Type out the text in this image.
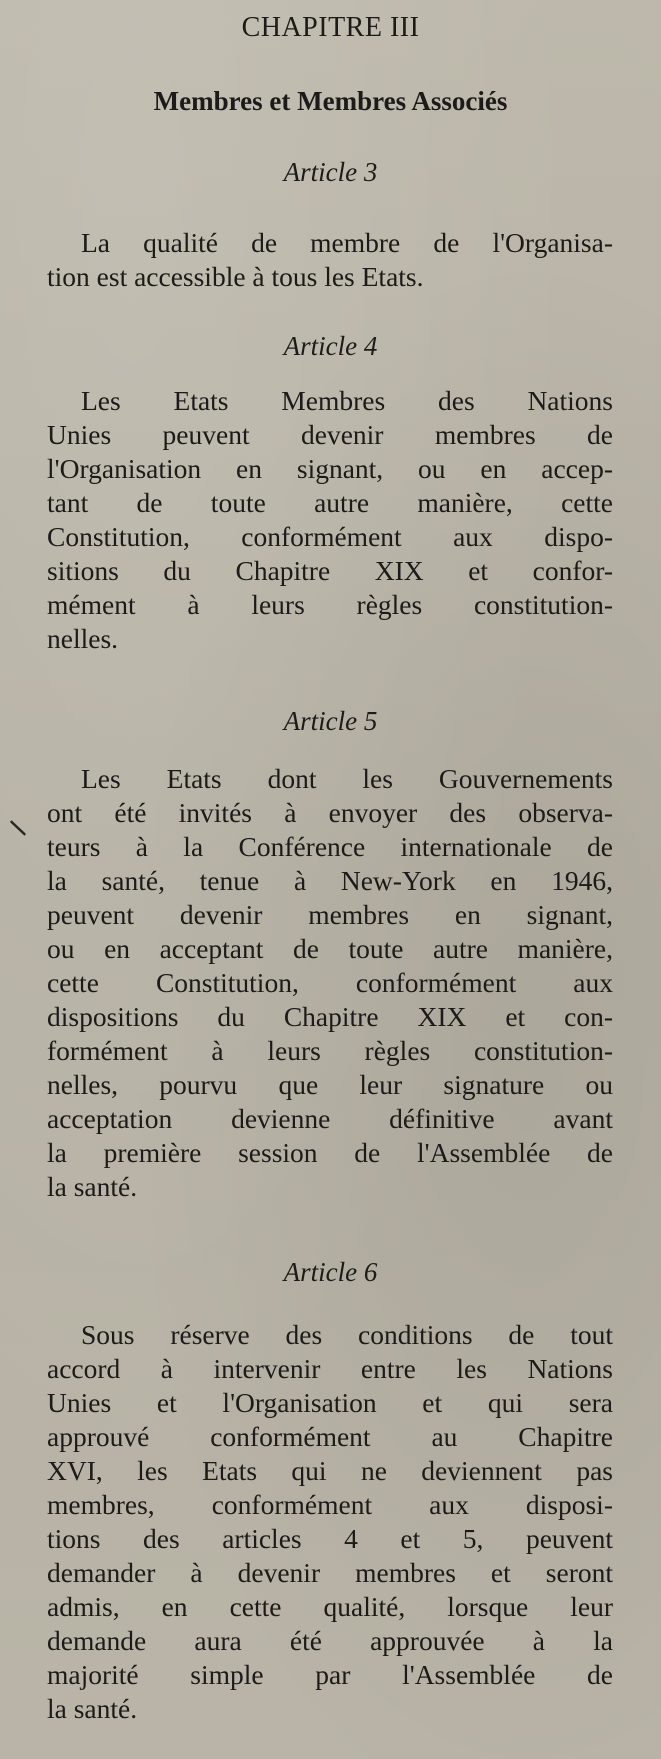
CHAPITRE III
Membres et Membres Associés
Article 3
La qualité de membre de l'Organisa-
tion est accessible à tous les Etats.
Article 4
Les Etats Membres des Nations
Unies peuvent devenir membres de
l'Organisation en signant, ou en accep-
tant de toute autre manière, cette
Constitution, conformément aux dispo-
sitions du Chapitre XIX et confor-
mément à leurs règles constitution-
nelles.
Article 5
Les Etats dont les Gouvernements
ont été invités à envoyer des observa-
teurs à la Conférence internationale de
la santé, tenue à New-York en 1946,
peuvent devenir membres en signant,
ou en acceptant de toute autre manière,
cette Constitution, conformément aux
dispositions du Chapitre XIX et con-
formément à leurs règles constitution-
nelles, pourvu que leur signature ou
acceptation devienne définitive avant
la première session de l'Assemblée de
la santé.
Article 6
Sous réserve des conditions de tout
accord à intervenir entre les Nations
Unies et l'Organisation et qui sera
approuvé conformément au Chapitre
XVI, les Etats qui ne deviennent pas
membres, conformément aux disposi-
tions des articles 4 et 5, peuvent
demander à devenir membres et seront
admis, en cette qualité, lorsque leur
demande aura été approuvée à la
majorité simple par l'Assemblée de
la santé.
